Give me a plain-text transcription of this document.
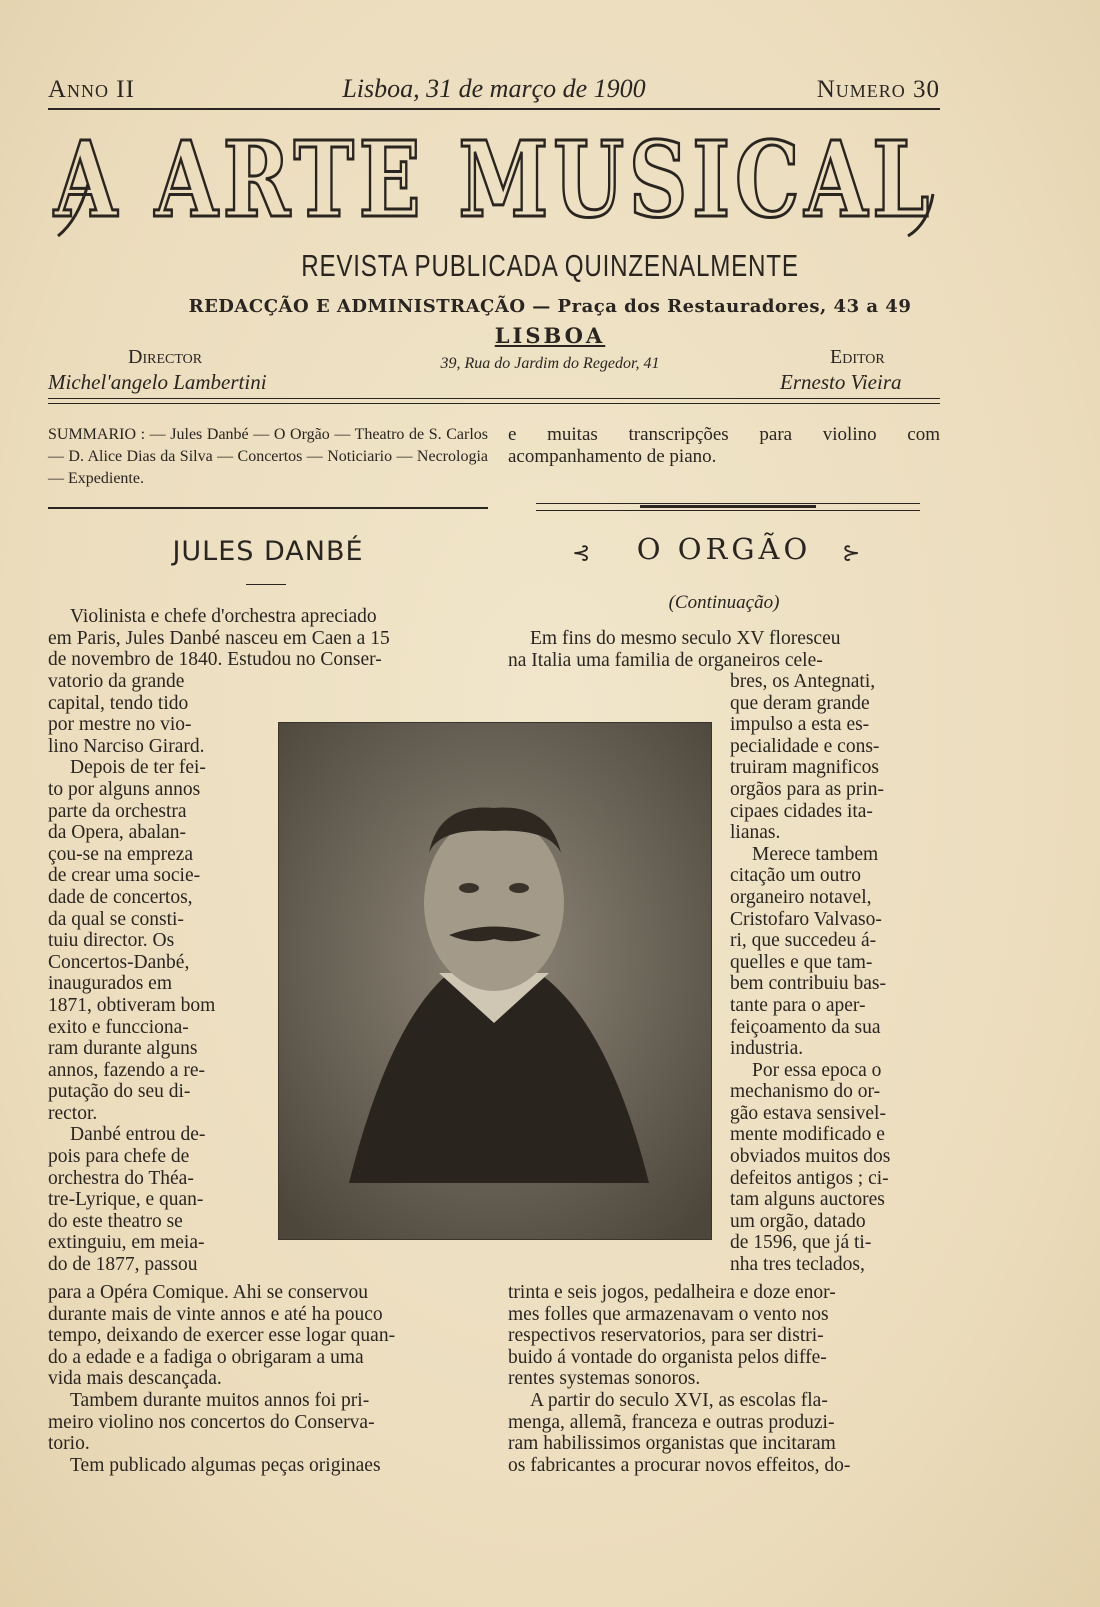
Anno II	Lisboa, 31 de março de 1900	Numero 30
A ARTE MUSICAL
REVISTA PUBLICADA QUINZENALMENTE
REDACÇÃO E ADMINISTRAÇÃO — Praça dos Restauradores, 43 a 49
LISBOA
39, Rua do Jardim do Regedor, 41
Director
Michel'angelo Lambertini
Editor
Ernesto Vieira
SUMMARIO : — Jules Danbé — O Orgão — Theatro de S. Carlos — D. Alice Dias da Silva — Concertos — Noticiario — Necrologia — Expediente.
e muitas transcripções para violino com acompanhamento de piano.
JULES DANBÉ	⊰	O ORGÃO	⊱
(Continuação)

Violinista e chefe d'orchestra apreciado

em Paris, Jules Danbé nasceu em Caen a 15

de novembro de 1840. Estudou no Conser-

vatorio da grande

capital, tendo tido

por mestre no vio-

lino Narciso Girard.

Depois de ter fei-

to por alguns annos

parte da orchestra

da Opera, abalan-

çou-se na empreza

de crear uma socie-

dade de concertos,

da qual se consti-

tuiu director. Os

Concertos-Danbé,

inaugurados em

1871, obtiveram bom

exito e funcciona-

ram durante alguns

annos, fazendo a re-

putação do seu di-

rector.

Danbé entrou de-

pois para chefe de

orchestra do Théa-

tre-Lyrique, e quan-

do este theatro se

extinguiu, em meia-

do de 1877, passou

para a Opéra Comique. Ahi se conservou

durante mais de vinte annos e até ha pouco

tempo, deixando de exercer esse logar quan-

do a edade e a fadiga o obrigaram a uma

vida mais descançada.

Tambem durante muitos annos foi pri-

meiro violino nos concertos do Conserva-

torio.

Tem publicado algumas peças originaes

Em fins do mesmo seculo XV floresceu

na Italia uma familia de organeiros cele-

bres, os Antegnati,

que deram grande

impulso a esta es-

pecialidade e cons-

truiram magnificos

orgãos para as prin-

cipaes cidades ita-

lianas.

Merece tambem

citação um outro

organeiro notavel,

Cristofaro Valvaso-

ri, que succedeu á-

quelles e que tam-

bem contribuiu bas-

tante para o aper-

feiçoamento da sua

industria.

Por essa epoca o

mechanismo do or-

gão estava sensivel-

mente modificado e

obviados muitos dos

defeitos antigos ; ci-

tam alguns auctores

um orgão, datado

de 1596, que já ti-

nha tres teclados,

trinta e seis jogos, pedalheira e doze enor-

mes folles que armazenavam o vento nos

respectivos reservatorios, para ser distri-

buido á vontade do organista pelos diffe-

rentes systemas sonoros.

A partir do seculo XVI, as escolas fla-

menga, allemã, franceza e outras produzi-

ram habilissimos organistas que incitaram

os fabricantes a procurar novos effeitos, do-
